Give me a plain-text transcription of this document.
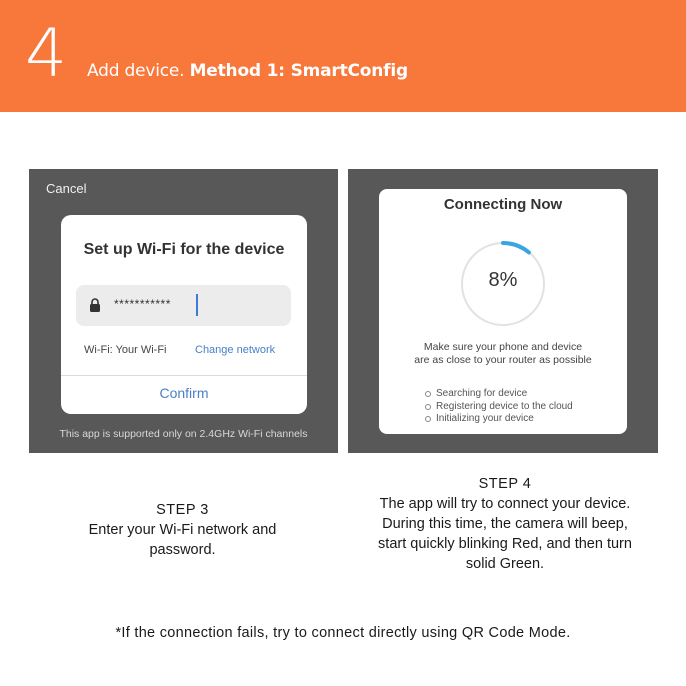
4 Add device. Method 1: SmartConfig
Cancel
Set up Wi-Fi for the device
***********
Wi-Fi: Your Wi-Fi	Change network
Confirm
This app is supported only on 2.4GHz Wi-Fi channels
Connecting Now
8%
Make sure your phone and device
are as close to your router as possible
Searching for device
Registering device to the cloud
Initializing your device
STEP 3
Enter your Wi-Fi network and password.
STEP 4
The app will try to connect your device. During this time, the camera will beep, start quickly blinking Red, and then turn solid Green.
*If the connection fails, try to connect directly using QR Code Mode.
